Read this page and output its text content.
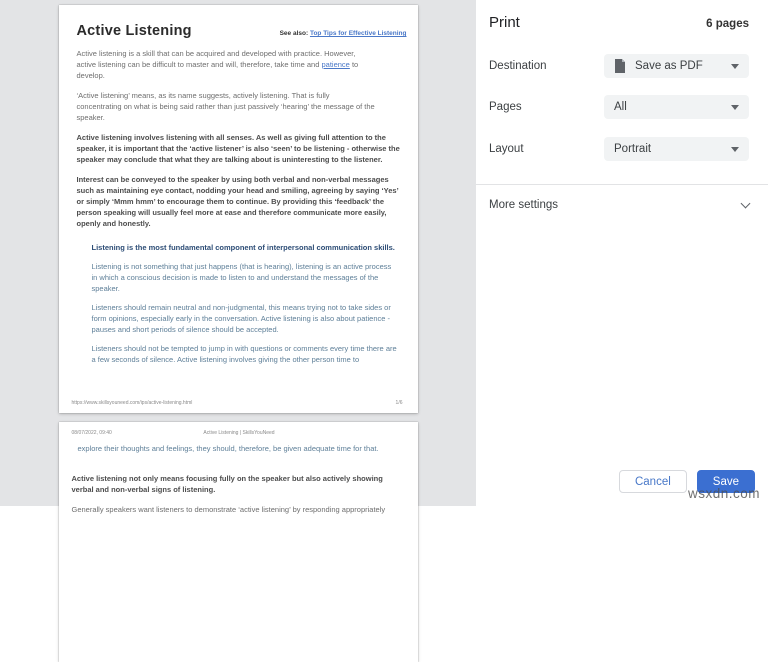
Active Listening	See also: Top Tips for Effective Listening

Active listening is a skill that can be acquired and developed with practice. However, active listening can be difficult to master and will, therefore, take time and patience to develop.

‘Active listening’ means, as its name suggests, actively listening. That is fully concentrating on what is being said rather than just passively ‘hearing’ the message of the speaker.

Active listening involves listening with all senses. As well as giving full attention to the speaker, it is important that the ‘active listener’ is also ‘seen’ to be listening - otherwise the speaker may conclude that what they are talking about is uninteresting to the listener.

Interest can be conveyed to the speaker by using both verbal and non-verbal messages such as maintaining eye contact, nodding your head and smiling, agreeing by saying ‘Yes’ or simply ‘Mmm hmm’ to encourage them to continue. By providing this ‘feedback’ the person speaking will usually feel more at ease and therefore communicate more easily, openly and honestly.

Listening is the most fundamental component of interpersonal communication skills.

Listening is not something that just happens (that is hearing), listening is an active process in which a conscious decision is made to listen to and understand the messages of the speaker.

Listeners should remain neutral and non-judgmental, this means trying not to take sides or form opinions, especially early in the conversation. Active listening is also about patience - pauses and short periods of silence should be accepted.

Listeners should not be tempted to jump in with questions or comments every time there are a few seconds of silence. Active listening involves giving the other person time to

https://www.skillsyouneed.com/ips/active-listening.html	1/6
08/07/2022, 09:40	Active Listening | SkillsYouNeed

explore their thoughts and feelings, they should, therefore, be given adequate time for that.

Active listening not only means focusing fully on the speaker but also actively showing verbal and non-verbal signs of listening.

Generally speakers want listeners to demonstrate ‘active listening’ by responding appropriately

Print	6 pages
Destination	Save as PDF
Pages	All
Layout	Portrait
More settings
Cancel	Save
wsxdn.com
